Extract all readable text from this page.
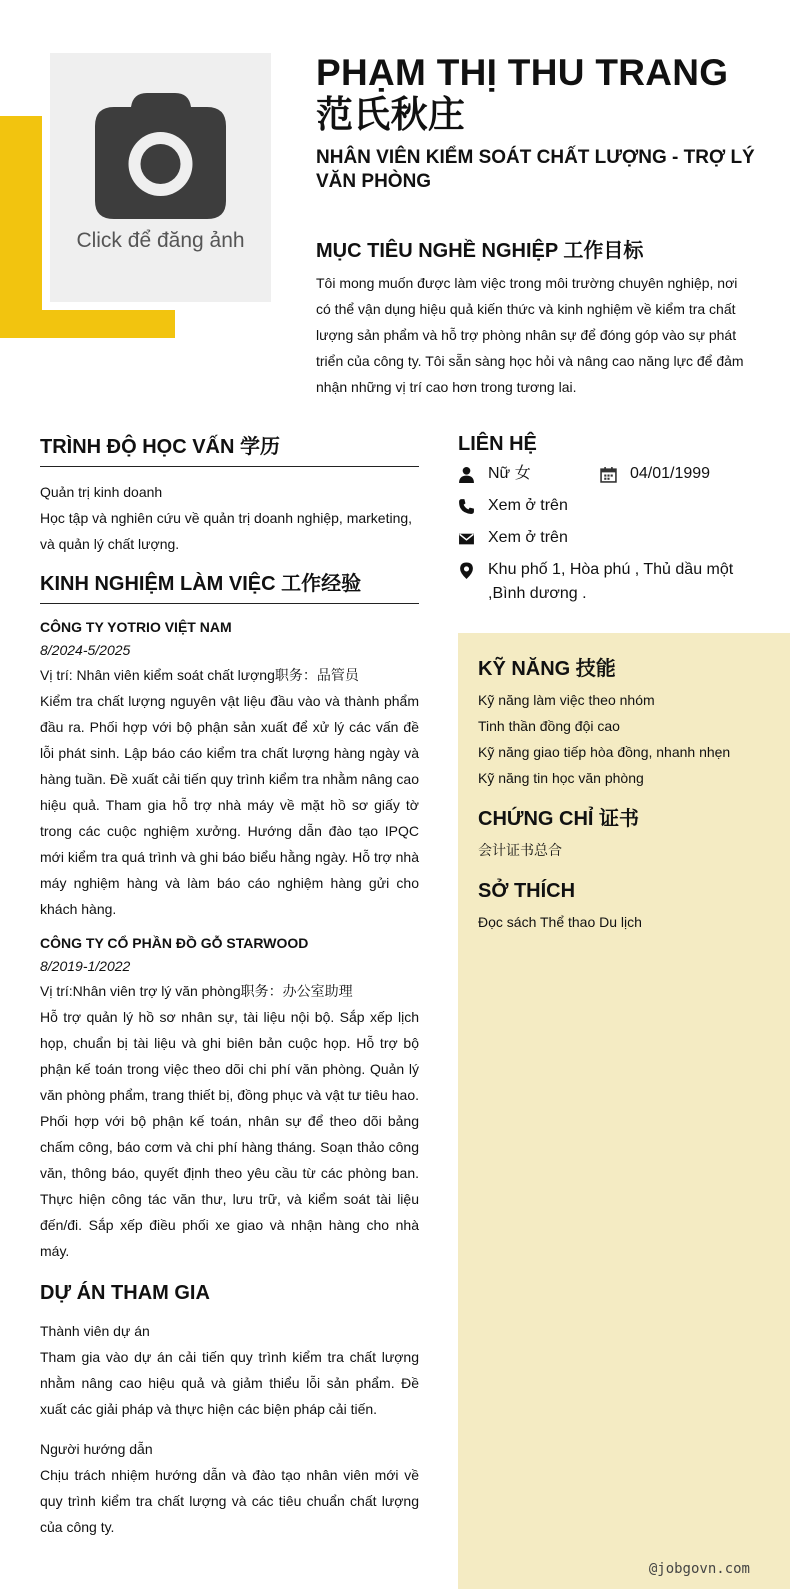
Click để đăng ảnh
PHẠM THỊ THU TRANG
范氏秋庄
NHÂN VIÊN KIỂM SOÁT CHẤT LƯỢNG - TRỢ LÝ VĂN PHÒNG
MỤC TIÊU NGHỀ NGHIỆP 工作目标
Tôi mong muốn được làm việc trong môi trường chuyên nghiệp, nơi có thể vận dụng hiệu quả kiến thức và kinh nghiệm về kiểm tra chất lượng sản phẩm và hỗ trợ phòng nhân sự để đóng góp vào sự phát triển của công ty. Tôi sẵn sàng học hỏi và nâng cao năng lực để đảm nhận những vị trí cao hơn trong tương lai.
TRÌNH ĐỘ HỌC VẤN 学历
Quản trị kinh doanh
Học tập và nghiên cứu về quản trị doanh nghiệp, marketing, và quản lý chất lượng.
KINH NGHIỆM LÀM VIỆC 工作经验
CÔNG TY YOTRIO VIỆT NAM
8/2024-5/2025
Vị trí: Nhân viên kiểm soát chất lượng职务：品管员
Kiểm tra chất lượng nguyên vật liệu đầu vào và thành phẩm đầu ra. Phối hợp với bộ phận sản xuất để xử lý các vấn đề lỗi phát sinh. Lập báo cáo kiểm tra chất lượng hàng ngày và hàng tuần. Đề xuất cải tiến quy trình kiểm tra nhằm nâng cao hiệu quả. Tham gia hỗ trợ nhà máy về mặt hồ sơ giấy tờ trong các cuộc nghiệm xưởng. Hướng dẫn đào tạo IPQC mới kiểm tra quá trình và ghi báo biểu hằng ngày. Hỗ trợ nhà máy nghiệm hàng và làm báo cáo nghiệm hàng gửi cho khách hàng.
CÔNG TY CỔ PHẦN ĐỒ GỖ STARWOOD
8/2019-1/2022
Vị trí:Nhân viên trợ lý văn phòng职务：办公室助理
Hỗ trợ quản lý hồ sơ nhân sự, tài liệu nội bộ. Sắp xếp lịch họp, chuẩn bị tài liệu và ghi biên bản cuộc họp. Hỗ trợ bộ phận kế toán trong việc theo dõi chi phí văn phòng. Quản lý văn phòng phẩm, trang thiết bị, đồng phục và vật tư tiêu hao. Phối hợp với bộ phận kế toán, nhân sự để theo dõi bảng chấm công, báo cơm và chi phí hàng tháng. Soạn thảo công văn, thông báo, quyết định theo yêu cầu từ các phòng ban. Thực hiện công tác văn thư, lưu trữ, và kiểm soát tài liệu đến/đi. Sắp xếp điều phối xe giao và nhận hàng cho nhà máy.
DỰ ÁN THAM GIA
Thành viên dự án
Tham gia vào dự án cải tiến quy trình kiểm tra chất lượng nhằm nâng cao hiệu quả và giảm thiểu lỗi sản phẩm. Đề xuất các giải pháp và thực hiện các biện pháp cải tiến.
Người hướng dẫn
Chịu trách nhiệm hướng dẫn và đào tạo nhân viên mới về quy trình kiểm tra chất lượng và các tiêu chuẩn chất lượng của công ty.
LIÊN HỆ
Nữ 女	04/01/1999
Xem ở trên
Xem ở trên
Khu phố 1, Hòa phú , Thủ dầu một ,Bình dương .
KỸ NĂNG 技能
Kỹ năng làm việc theo nhóm
Tinh thần đồng đội cao
Kỹ năng giao tiếp hòa đồng, nhanh nhẹn
Kỹ năng tin học văn phòng
CHỨNG CHỈ 证书
会计证书总合
SỞ THÍCH
Đọc sách Thể thao Du lịch
@jobgovn.com
